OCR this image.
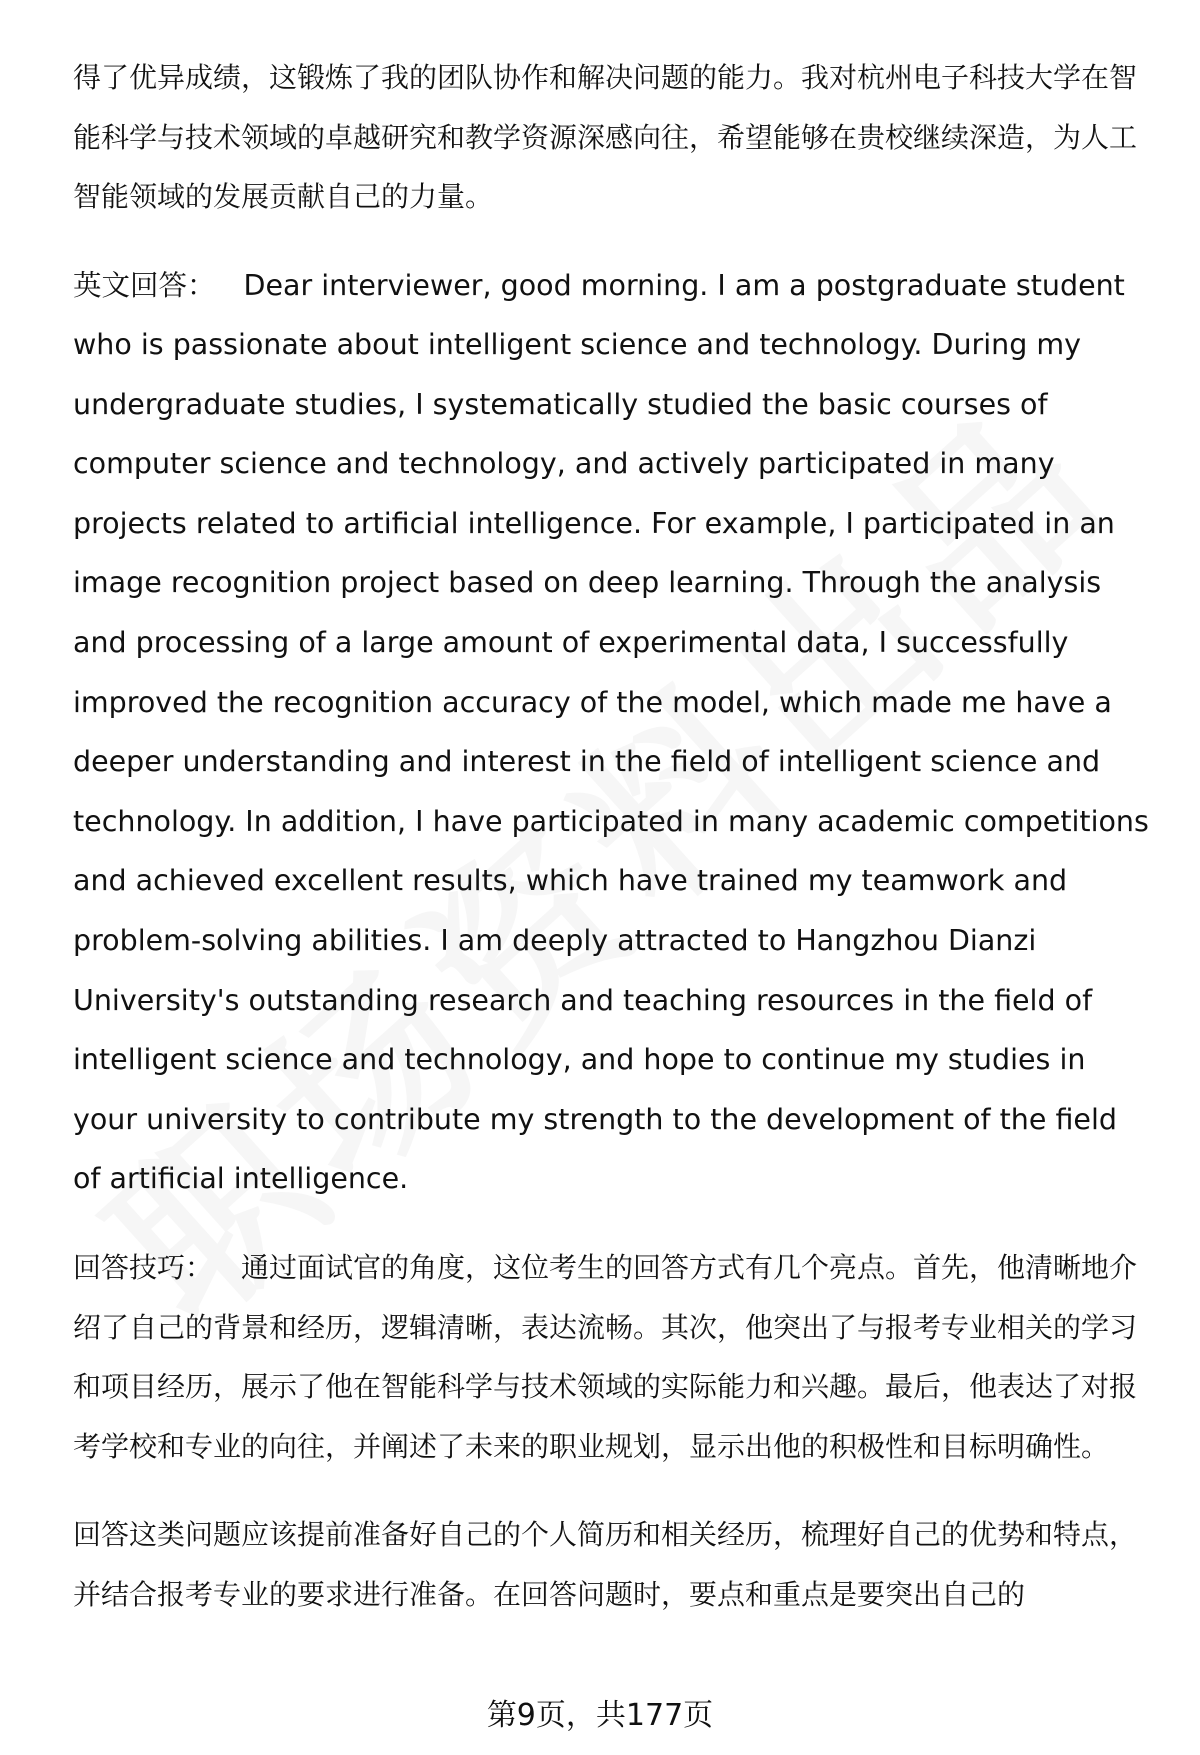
得了优异成绩，这锻炼了我的团队协作和解决问题的能力。我对杭州电子科技大学在智能科学与技术领域的卓越研究和教学资源深感向往，希望能够在贵校继续深造，为人工智能领域的发展贡献自己的力量。

英文回答： Dear interviewer, good morning. I am a postgraduate student who is passionate about intelligent science and technology. During my undergraduate studies, I systematically studied the basic courses of computer science and technology, and actively participated in many projects related to artificial intelligence. For example, I participated in an image recognition project based on deep learning. Through the analysis and processing of a large amount of experimental data, I successfully improved the recognition accuracy of the model, which made me have a deeper understanding and interest in the field of intelligent science and technology. In addition, I have participated in many academic competitions and achieved excellent results, which have trained my teamwork and problem-solving abilities. I am deeply attracted to Hangzhou Dianzi University's outstanding research and teaching resources in the field of intelligent science and technology, and hope to continue my studies in your university to contribute my strength to the development of the field of artificial intelligence.

回答技巧： 通过面试官的角度，这位考生的回答方式有几个亮点。首先，他清晰地介绍了自己的背景和经历，逻辑清晰，表达流畅。其次，他突出了与报考专业相关的学习和项目经历，展示了他在智能科学与技术领域的实际能力和兴趣。最后，他表达了对报考学校和专业的向往，并阐述了未来的职业规划，显示出他的积极性和目标明确性。

回答这类问题应该提前准备好自己的个人简历和相关经历，梳理好自己的优势和特点，并结合报考专业的要求进行准备。在回答问题时，要点和重点是要突出自己的

第9页，共177页
